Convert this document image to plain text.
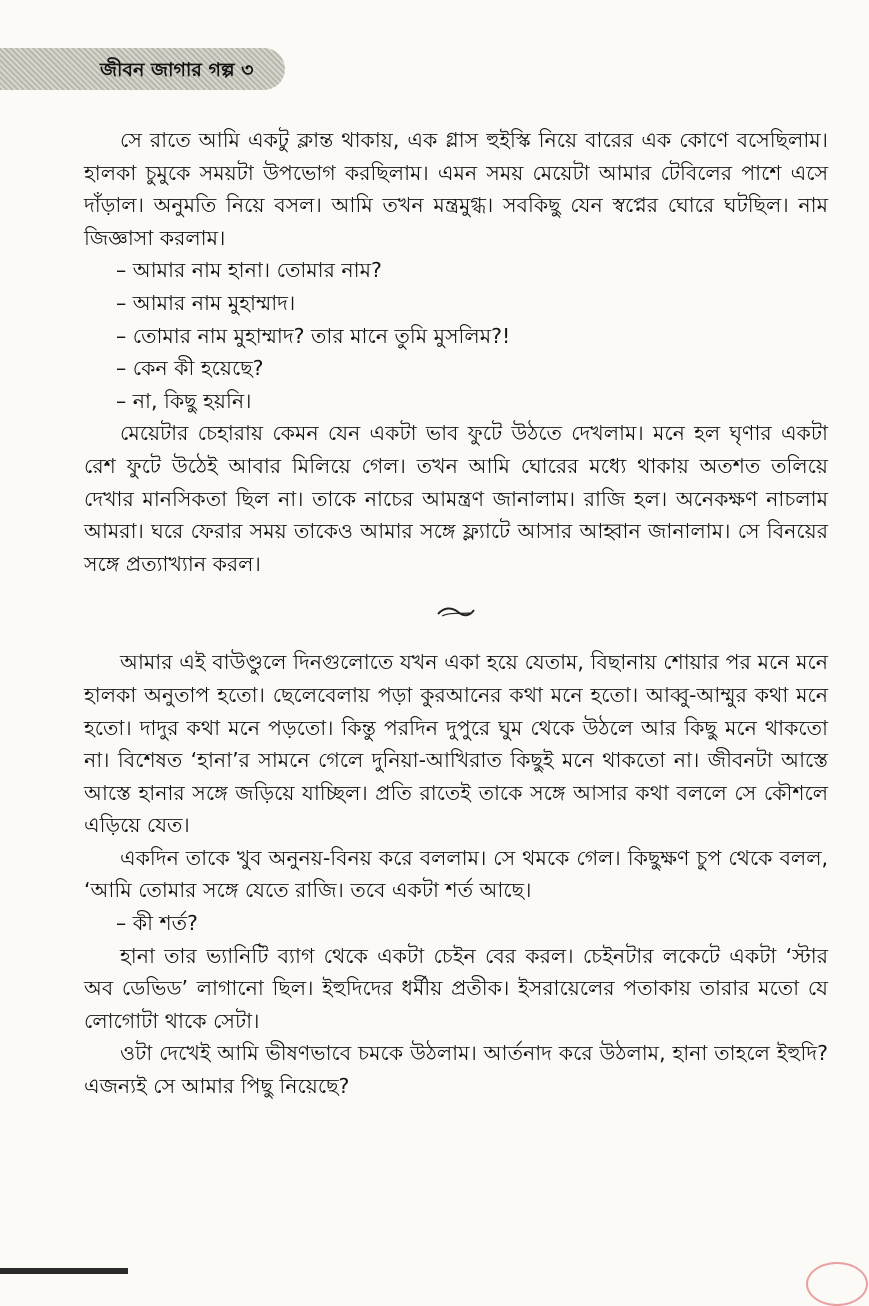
জীবন জাগার গল্প ৩

সে রাতে আমি একটু ক্লান্ত থাকায়, এক গ্লাস হুইস্কি নিয়ে বারের এক কোণে বসেছিলাম। হালকা চুমুকে সময়টা উপভোগ করছিলাম। এমন সময় মেয়েটা আমার টেবিলের পাশে এসে দাঁড়াল। অনুমতি নিয়ে বসল। আমি তখন মন্ত্রমুগ্ধ। সবকিছু যেন স্বপ্নের ঘোরে ঘটছিল। নাম জিজ্ঞাসা করলাম।

– আমার নাম হানা। তোমার নাম?

– আমার নাম মুহাম্মাদ।

– তোমার নাম মুহাম্মাদ? তার মানে তুমি মুসলিম?!

– কেন কী হয়েছে?

– না, কিছু হয়নি।

মেয়েটার চেহারায় কেমন যেন একটা ভাব ফুটে উঠতে দেখলাম। মনে হল ঘৃণার একটা রেশ ফুটে উঠেই আবার মিলিয়ে গেল। তখন আমি ঘোরের মধ্যে থাকায় অতশত তলিয়ে দেখার মানসিকতা ছিল না। তাকে নাচের আমন্ত্রণ জানালাম। রাজি হল। অনেকক্ষণ নাচলাম আমরা। ঘরে ফেরার সময় তাকেও আমার সঙ্গে ফ্ল্যাটে আসার আহ্বান জানালাম। সে বিনয়ের সঙ্গে প্রত্যাখ্যান করল।

আমার এই বাউণ্ডুলে দিনগুলোতে যখন একা হয়ে যেতাম, বিছানায় শোয়ার পর মনে মনে হালকা অনুতাপ হতো। ছেলেবেলায় পড়া কুরআনের কথা মনে হতো। আব্বু-আম্মুর কথা মনে হতো। দাদুর কথা মনে পড়তো। কিন্তু পরদিন দুপুরে ঘুম থেকে উঠলে আর কিছু মনে থাকতো না। বিশেষত ‘হানা’র সামনে গেলে দুনিয়া-আখিরাত কিছুই মনে থাকতো না। জীবনটা আস্তে আস্তে হানার সঙ্গে জড়িয়ে যাচ্ছিল। প্রতি রাতেই তাকে সঙ্গে আসার কথা বললে সে কৌশলে এড়িয়ে যেত।

একদিন তাকে খুব অনুনয়-বিনয় করে বললাম। সে থমকে গেল। কিছুক্ষণ চুপ থেকে বলল, ‘আমি তোমার সঙ্গে যেতে রাজি। তবে একটা শর্ত আছে।

– কী শর্ত?

হানা তার ভ্যানিটি ব্যাগ থেকে একটা চেইন বের করল। চেইনটার লকেটে একটা ‘স্টার অব ডেভিড’ লাগানো ছিল। ইহুদিদের ধর্মীয় প্রতীক। ইসরায়েলের পতাকায় তারার মতো যে লোগোটা থাকে সেটা।

ওটা দেখেই আমি ভীষণভাবে চমকে উঠলাম। আর্তনাদ করে উঠলাম, হানা তাহলে ইহুদি? এজন্যই সে আমার পিছু নিয়েছে?
